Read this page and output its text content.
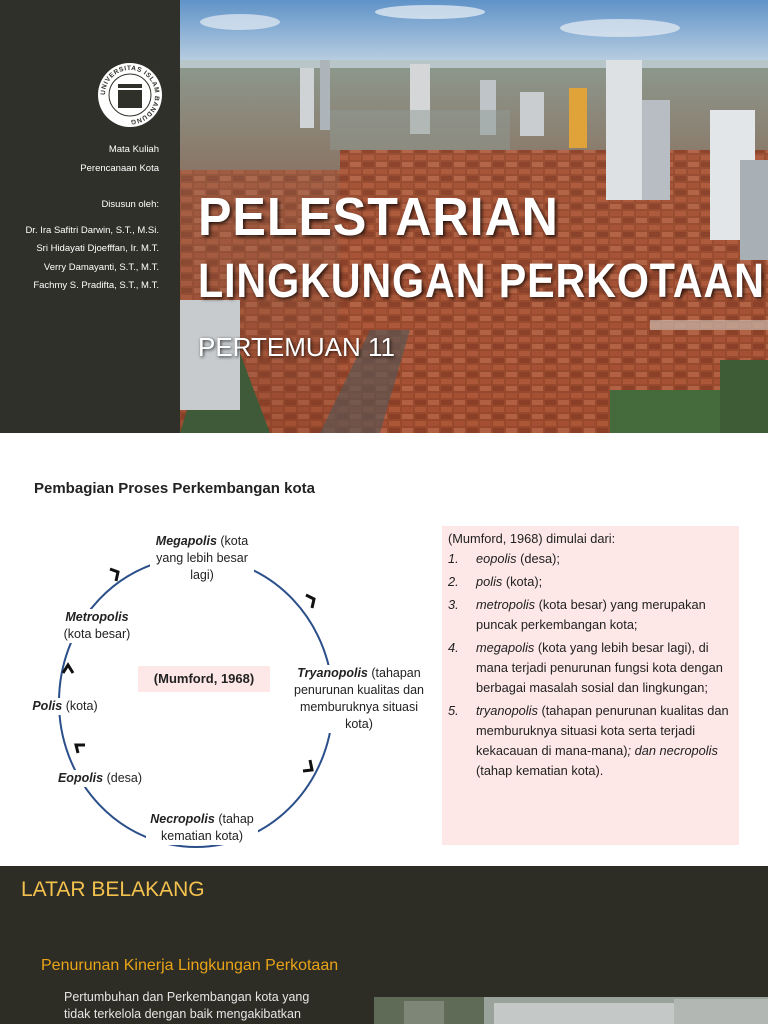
UNIVERSITAS ISLAM BANDUNG
Mata Kuliah
Perencanaan Kota
Disusun oleh:
Dr. Ira Safitri Darwin, S.T., M.Si.
Sri Hidayati Djoefffan, Ir. M.T.
Verry Damayanti, S.T., M.T.
Fachmy S. Pradifta, S.T., M.T.
PELESTARIAN
LINGKUNGAN PERKOTAAN
PERTEMUAN 11
Pembagian Proses Perkembangan kota
Megapolis (kota yang lebih besar lagi)
Tryanopolis (tahapan penurunan kualitas dan memburuknya situasi kota)
Necropolis (tahap kematian kota)
Eopolis (desa)
Polis (kota)
Metropolis
(kota besar)
(Mumford, 1968)

(Mumford, 1968) dimulai dari:

1. eopolis (desa);
2. polis (kota);
3. metropolis (kota besar) yang merupakan puncak perkembangan kota;
4. megapolis (kota yang lebih besar lagi), di mana terjadi penurunan fungsi kota dengan berbagai masalah sosial dan lingkungan;
5. tryanopolis (tahapan penurunan kualitas dan memburuknya situasi kota serta terjadi kekacauan di mana-mana); dan necropolis (tahap kematian kota).
LATAR BELAKANG
Penurunan Kinerja Lingkungan Perkotaan
Pertumbuhan dan Perkembangan kota yang
tidak terkelola dengan baik mengakibatkan
